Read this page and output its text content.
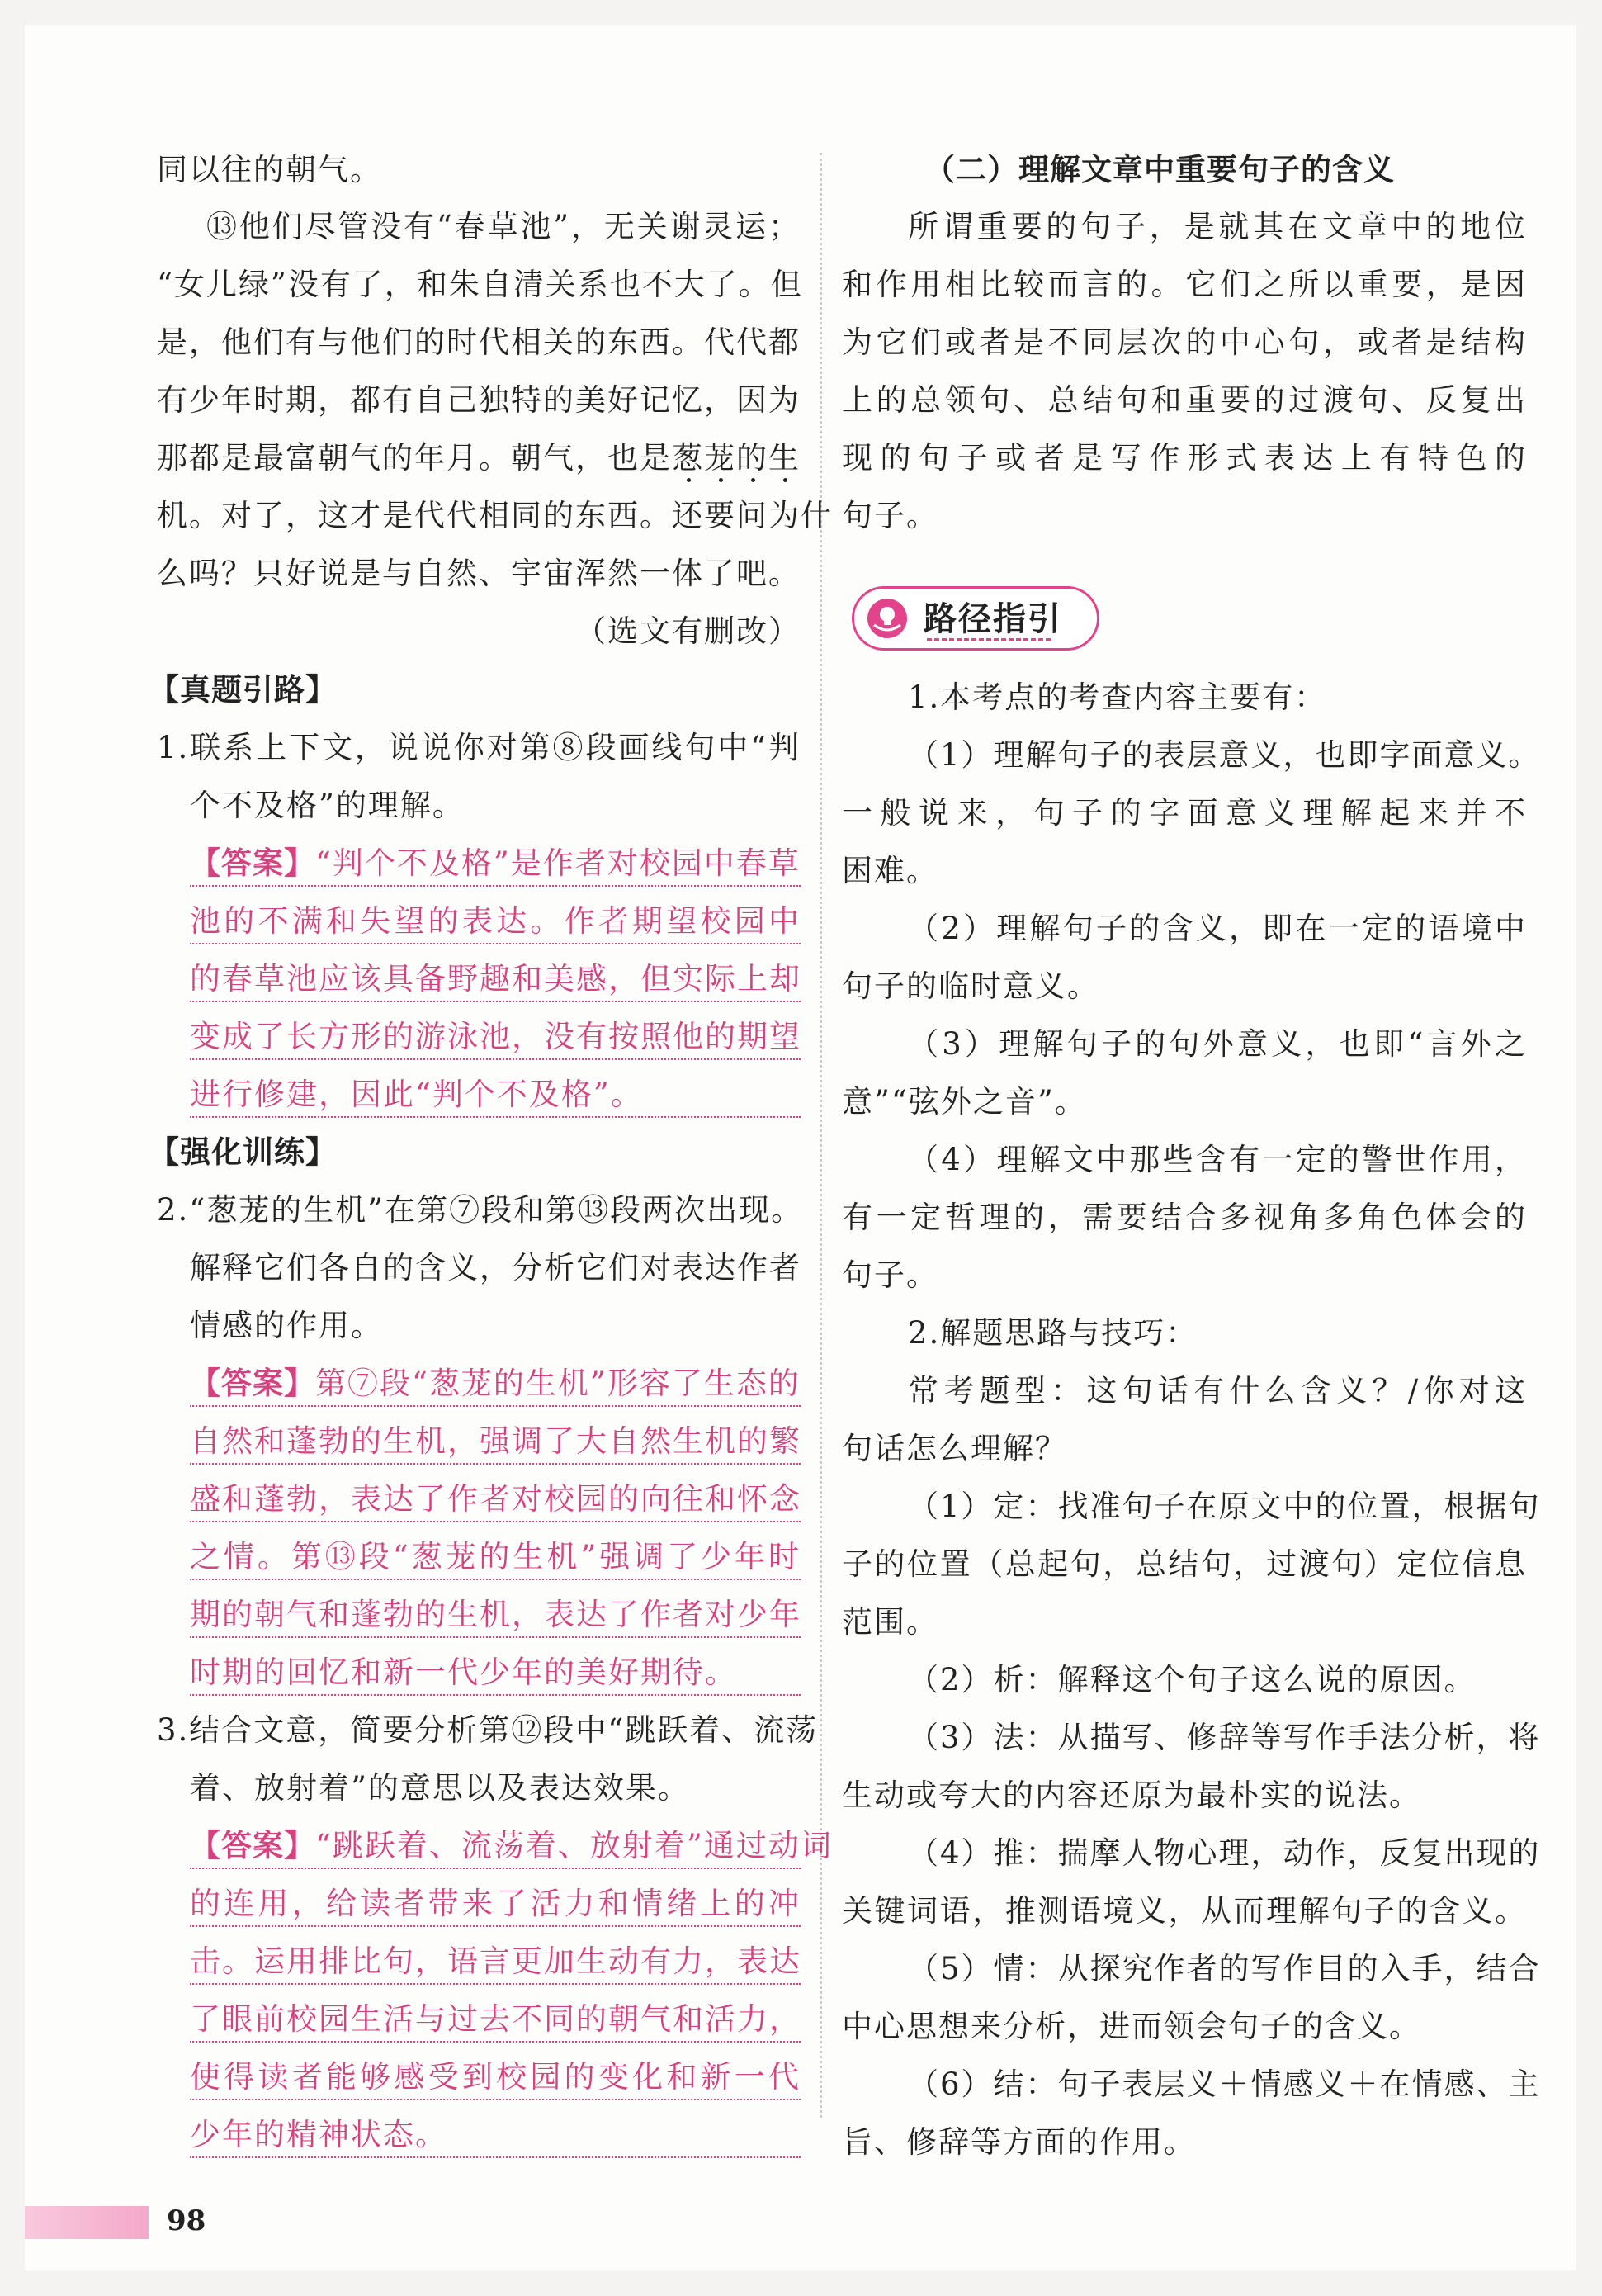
同以往的朝气。
⑬他们尽管没有“春草池”，无关谢灵运；
“女儿绿”没有了，和朱自清关系也不大了。但
是，他们有与他们的时代相关的东西。代代都
有少年时期，都有自己独特的美好记忆，因为
那都是最富朝气的年月。朝气，也是葱茏的生
机。对了，这才是代代相同的东西。还要问为什
么吗？只好说是与自然、宇宙浑然一体了吧。
（选文有删改）
【真题引路】
1.联系上下文，说说你对第⑧段画线句中“判
个不及格”的理解。
【答案】“判个不及格”是作者对校园中春草
池的不满和失望的表达。作者期望校园中
的春草池应该具备野趣和美感，但实际上却
变成了长方形的游泳池，没有按照他的期望
进行修建，因此“判个不及格”。
【强化训练】
2.“葱茏的生机”在第⑦段和第⑬段两次出现。
解释它们各自的含义，分析它们对表达作者
情感的作用。
【答案】第⑦段“葱茏的生机”形容了生态的
自然和蓬勃的生机，强调了大自然生机的繁
盛和蓬勃，表达了作者对校园的向往和怀念
之情。第⑬段“葱茏的生机”强调了少年时
期的朝气和蓬勃的生机，表达了作者对少年
时期的回忆和新一代少年的美好期待。
3.结合文意，简要分析第⑫段中“跳跃着、流荡
着、放射着”的意思以及表达效果。
【答案】“跳跃着、流荡着、放射着”通过动词
的连用，给读者带来了活力和情绪上的冲
击。运用排比句，语言更加生动有力，表达
了眼前校园生活与过去不同的朝气和活力，
使得读者能够感受到校园的变化和新一代
少年的精神状态。
（二）理解文章中重要句子的含义
所谓重要的句子，是就其在文章中的地位
和作用相比较而言的。它们之所以重要，是因
为它们或者是不同层次的中心句，或者是结构
上的总领句、总结句和重要的过渡句、反复出
现的句子或者是写作形式表达上有特色的
句子。
路径指引
1.本考点的考查内容主要有：
（1）理解句子的表层意义，也即字面意义。
一般说来，句子的字面意义理解起来并不
困难。
（2）理解句子的含义，即在一定的语境中
句子的临时意义。
（3）理解句子的句外意义，也即“言外之
意”“弦外之音”。
（4）理解文中那些含有一定的警世作用，
有一定哲理的，需要结合多视角多角色体会的
句子。
2.解题思路与技巧：
常考题型：这句话有什么含义？/你对这
句话怎么理解？
（1）定：找准句子在原文中的位置，根据句
子的位置（总起句，总结句，过渡句）定位信息
范围。
（2）析：解释这个句子这么说的原因。
（3）法：从描写、修辞等写作手法分析，将
生动或夸大的内容还原为最朴实的说法。
（4）推：揣摩人物心理，动作，反复出现的
关键词语，推测语境义，从而理解句子的含义。
（5）情：从探究作者的写作目的入手，结合
中心思想来分析，进而领会句子的含义。
（6）结：句子表层义＋情感义＋在情感、主
旨、修辞等方面的作用。
98
